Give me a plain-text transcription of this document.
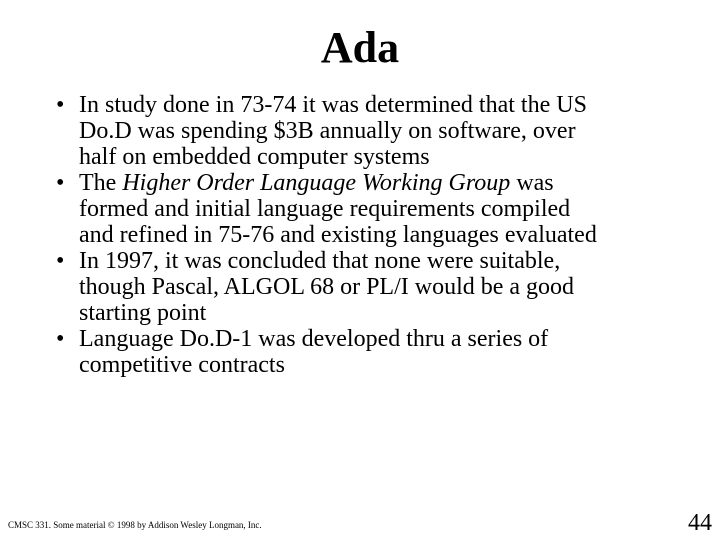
Ada
• In study done in 73-74 it was determined that the US
Do.D was spending $3B annually on software, over
half on embedded computer systems
• The Higher Order Language Working Group was
formed and initial language requirements compiled
and refined in 75-76 and existing languages evaluated
• In 1997, it was concluded that none were suitable,
though Pascal, ALGOL 68 or PL/I would be a good
starting point
• Language Do.D-1 was developed thru a series of
competitive contracts
CMSC 331. Some material © 1998 by Addison Wesley Longman, Inc.	44
